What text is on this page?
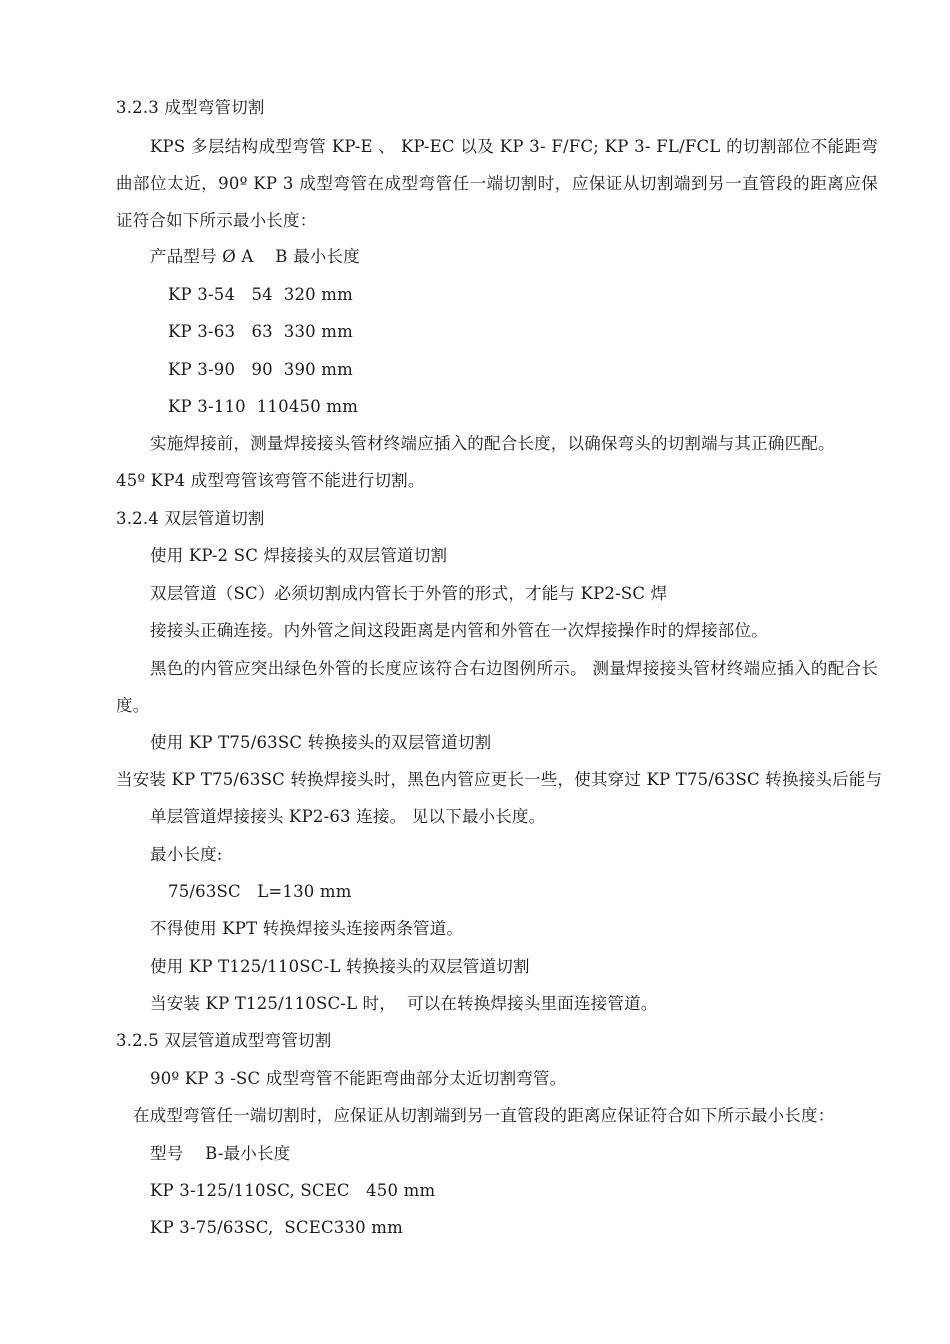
3.2.3 成型弯管切割
KPS 多层结构成型弯管 KP-E 、 KP-EC 以及 KP 3- F/FC; KP 3- FL/FCL 的切割部位不能距弯曲部位太近，90º KP 3 成型弯管在成型弯管任一端切割时，应保证从切割端到另一直管段的距离应保证符合如下所示最小长度：
产品型号 Ø A    B 最小长度
KP 3-54   54  320 mm
KP 3-63   63  330 mm
KP 3-90   90  390 mm
KP 3-110  110450 mm
实施焊接前，测量焊接接头管材终端应插入的配合长度，以确保弯头的切割端与其正确匹配。
45º KP4 成型弯管该弯管不能进行切割。
3.2.4 双层管道切割
使用 KP-2 SC 焊接接头的双层管道切割
双层管道（SC）必须切割成内管长于外管的形式，才能与 KP2-SC 焊
接接头正确连接。内外管之间这段距离是内管和外管在一次焊接操作时的焊接部位。
黑色的内管应突出绿色外管的长度应该符合右边图例所示。 测量焊接接头管材终端应插入的配合长度。
使用 KP T75/63SC 转换接头的双层管道切割
当安装 KP T75/63SC 转换焊接头时，黑色内管应更长一些，使其穿过 KP T75/63SC 转换接头后能与
单层管道焊接接头 KP2-63 连接。 见以下最小长度。
最小长度:
75/63SC   L=130 mm
不得使用 KPT 转换焊接头连接两条管道。
使用 KP T125/110SC-L 转换接头的双层管道切割
当安装 KP T125/110SC-L 时，  可以在转换焊接头里面连接管道。
3.2.5 双层管道成型弯管切割
90º KP 3 -SC 成型弯管不能距弯曲部分太近切割弯管。
在成型弯管任一端切割时，应保证从切割端到另一直管段的距离应保证符合如下所示最小长度：
型号    B-最小长度
KP 3-125/110SC, SCEC   450 mm
KP 3-75/63SC,  SCEC330 mm
